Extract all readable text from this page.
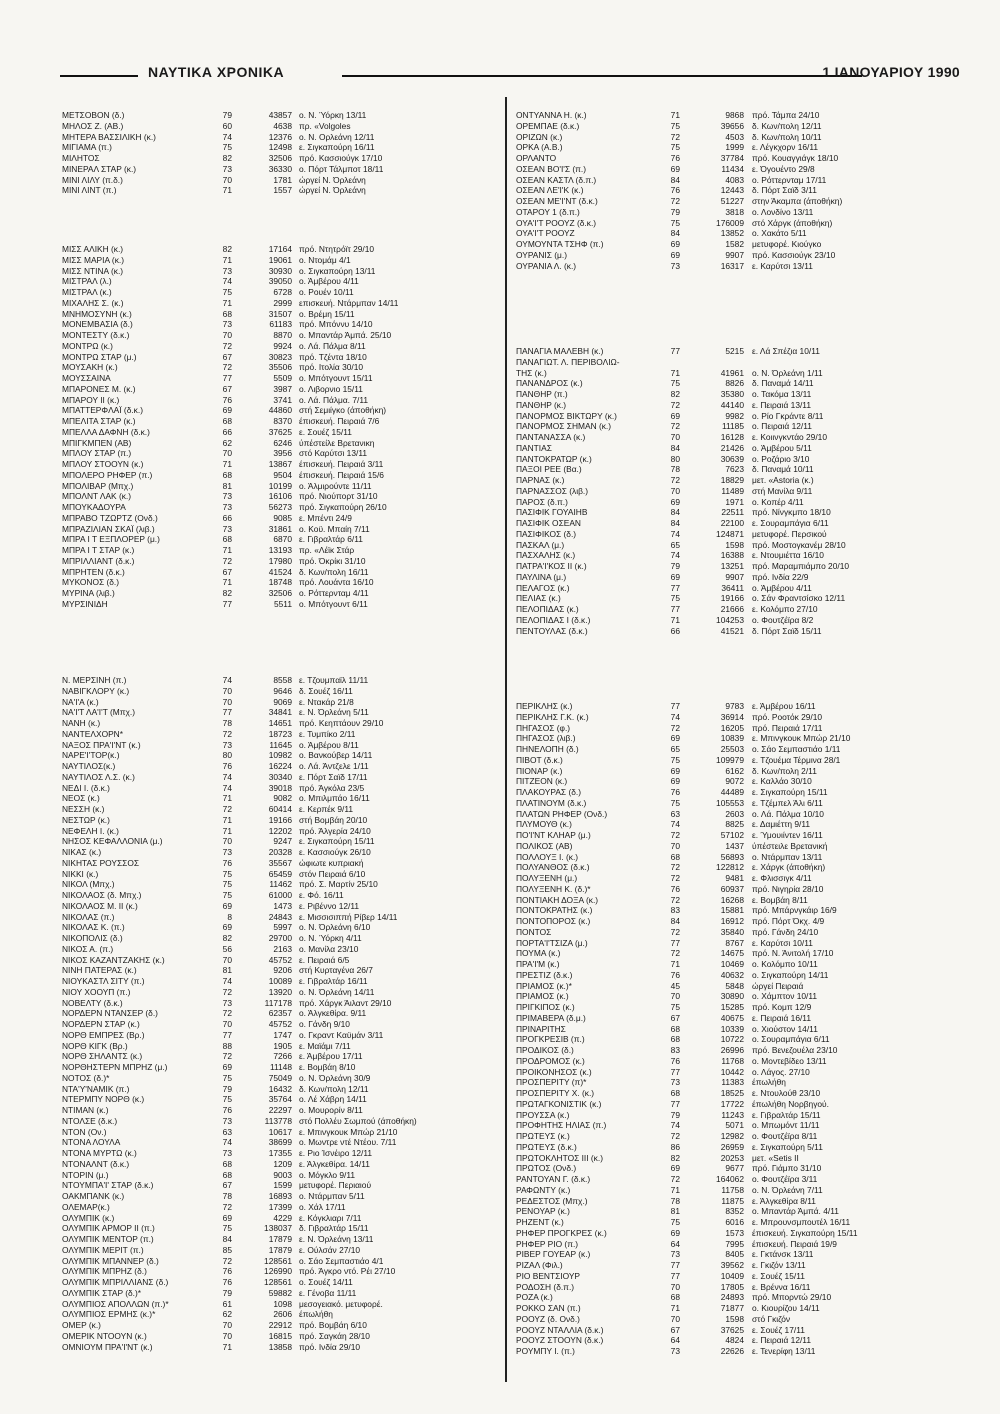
ΝΑΥΤΙΚΑ ΧΡΟΝΙΚΑ	1 ΙΑΝΟΥΑΡΙΟΥ 1990
ΜΕΤΣΟΒΟΝ (δ.)	79	43857 ο. Ν. Ύόρκη 13/11
ΜΗΛΟΣ Ζ. (ΑΒ.)	60	4638 πρ. «Volgoles
ΜΗΤΕΡΑ ΒΑΣΣΙΛΙΚΗ (κ.)	74	12376 ο. Ν. Ορλεάνη 12/11
ΜΙΓΙΑΜΑ (π.)	75	12498 ε. Σιγκαπούρη 16/11
ΜΙΛΗΤΟΣ	82	32506 πρό. Κασσιούγκ 17/10
ΜΙΝΕΡΑΛ ΣΤΑΡ (κ.)	73	36330 ο. Πόρτ Τάλμποτ 18/11
ΜΙΝΙ ΛΙΛΥ (π.δ.)	70	1781 ώργεί Ν. Όρλεάνη
ΜΙΝΙ ΛΙΝΤ (π.)	71	1557 ώργεί Ν. Όρλεάνη
ΜΙΣΣ ΑΛΙΚΗ (κ.)	82	17164 πρό. Ντητρόϊτ 29/10
ΜΙΣΣ ΜΑΡΙΑ (κ.)	71	19061 ο. Ντομάμ 4/1
ΜΙΣΣ ΝΤΙΝΑ (κ.)	73	30930 ο. Σιγκαπούρη 13/11
ΜΙΣΤΡΑΛ (λ.)	74	39050 ο. Άμβέρου 4/11
ΜΙΣΤΡΑΛ (κ.)	75	6728 ο. Ρουέν 10/11
ΜΙΧΑΛΗΣ Σ. (κ.)	71	2999 επισκευή. Ντάρμπαν 14/11
ΜΝΗΜΟΣΥΝΗ (κ.)	68	31507 ο. Βρέμη 15/11
ΜΟΝΕΜΒΑΣΙΑ (δ.)	73	61183 πρό. Μπόννυ 14/10
ΜΟΝΤΕΣΤΥ (δ.κ.)	70	8870 ο. Μπαντάρ Άμπά. 25/10
ΜΟΝΤΡΩ (κ.)	72	9924 ο. Λά. Πάλμα 8/11
ΜΟΝΤΡΩ ΣΤΑΡ (μ.)	67	30823 πρό. Τζέντα 18/10
ΜΟΥΣΑΚΗ (κ.)	72	35506 πρό. Ιτολία 30/10
ΜΟΥΣΣΑΙΝΑ	77	5509 ο. Μπότγουντ 15/11
ΜΠΑΡΟΝΕΣ Μ. (κ.)	67	3987 ο. Λιβορνιο 15/11
ΜΠΑΡΟΥ ΙΙ (κ.)	76	3741 ο. Λά. Πάλμα. 7/11
ΜΠΑΤΤΕΡΦΛΑΪ (δ.κ.)	69	44860 στή Σεμιίγκο (άποθήκη)
ΜΠΕΛΙΤΑ ΣΤΑΡ (κ.)	68	8370 έπισκευή. Πειραιά 7/6
ΜΠΕΛΛΑ ΔΑΦΝΗ (δ.κ.)	66	37625 ε. Σουέζ 15/11
ΜΠΙΓΚΜΠΕΝ (ΑΒ)	62	6246 ύπέστείλε Βρετανικη
ΜΠΛΟΥ ΣΤΑΡ (π.)	70	3956 στό Καρύτσι 13/11
ΜΠΛΟΥ ΣΤΟΟΥΝ (κ.)	71	13867 έπισκευή. Πειραιά 3/11
ΜΠΟΛΕΡΟ ΡΗΦΕΡ (π.)	68	9504 έπισκευή. Πειραιά 15/6
ΜΠΟΛΙΒΑΡ (Μπχ.)	81	10199 ο. Άλμιρούντε 11/11
ΜΠΟΛΝΤ ΛΑΚ (κ.)	73	16106 πρό. Νιούπορτ 31/10
ΜΠΟΥΚΑΔΟΥΡΑ	73	56273 πρό. Σιγκαπούρη 26/10
ΜΠΡΑΒΟ ΤΖΩΡΤΖ (Ονδ.)	66	9085 ε. Μπέντι 24/9
ΜΠΡΑΖΙΛΙΑΝ ΣΚΑΪ (λιβ.)	73	31861 ο. Κοϋ. Μπαίη 7/11
ΜΠΡΑ Ι Τ ΕΞΠΛΟΡΕΡ (μ.)	68	6870 ε. Γιβραλτάρ 6/11
ΜΠΡΑ Ι Τ ΣΤΑΡ (κ.)	71	13193 πρ. «Λέϊκ Στάρ
ΜΠΡΙΛΛΙΑΝΤ (δ.κ.)	72	17980 πρό. Όκρίκι 31/10
ΜΠΡΗΤΕΝ (δ.κ.)	67	41524 δ. Κων/πολη 16/11
ΜΥΚΟΝΟΣ (δ.)	71	18748 πρό. Λουάντα 16/10
ΜΥΡΙΝΑ (λιβ.)	82	32506 ο. Ρόττερνταμ 4/11
ΜΥΡΣΙΝΙΔΗ	77	5511 ο. Μπότγουντ 6/11
Ν. ΜΕΡΣΙΝΗ (π.)	74	8558 ε. Τζουμπαϊλ 11/11
ΝΑΒΙΓΚΛΟΡΥ (κ.)	70	9646 δ. Σουέζ 16/11
ΝΑ'Ι'Α (κ.)	70	9069 ε. Ντακάρ 21/8
ΝΑ'Ι'Τ ΛΑ'Ι'Τ (Μπχ.)	77	34841 ε. Ν. Όρλεάνη 5/11
ΝΑΝΗ (κ.)	78	14651 πρό. Κεηπτάουν 29/10
ΝΑΝΤΕΛΧΟΡΝ*	72	18723 ε. Τυμπίκο 2/11
ΝΑΞΟΣ ΠΡΑ'Ι'ΝΤ (κ.)	73	11645 ο. Άμβέρου 8/11
ΝΑΡΕ'Ι'ΤΟΡ(κ.)	80	10982 ο. Βανκούβερ 14/11
ΝΑΥΤΙΛΟΣ(κ.)	76	16224 ο. Λά. Άντζελε 1/11
ΝΑΥΤΙΛΟΣ Λ.Σ. (κ.)	74	30340 ε. Πόρτ Σαϊδ 17/11
ΝΕΔΙ Ι. (δ.κ.)	74	39018 πρό. Άγκόλα 23/5
ΝΕΟΣ (κ.)	71	9082 ο. Μπιλμπάο 16/11
ΝΕΣΣΗ (κ.)	72	60414 ε. Κερπέκ 9/11
ΝΕΣΤΩΡ (κ.)	71	19166 στή Βομβάη 20/10
ΝΕΦΕΛΗ Ι. (κ.)	71	12202 πρό. Άλγερία 24/10
ΝΗΣΟΣ ΚΕΦΑΛΛΟΝΙΑ (μ.)	70	9247 ε. Σιγκαπούρη 15/11
ΝΙΚΑΣ (κ.)	73	20328 ε. Κασσιούγκ 26/10
ΝΙΚΗΤΑΣ ΡΟΥΣΣΟΣ	76	35567 ώφιωτε κυπριακή
ΝΙΚΚΙ (κ.)	75	65459 στόν Πειραιά 6/10
ΝΙΚΟΛ (Μπχ.)	75	11462 πρό. Σ. Μαρτίν 25/10
ΝΙΚΟΛΑΟΣ (δ. Μπχ.)	75	61000 ε. Φό. 16/11
ΝΙΚΟΛΑΟΣ Μ. ΙΙ (κ.)	69	1473 ε. Ριβέννο 12/11
ΝΙΚΟΛΑΣ (π.)	8	24843 ε. Μισσισιππή Ρίβερ 14/11
ΝΙΚΟΛΑΣ Κ. (π.)	69	5997 ο. Ν. Όρλεάνη 6/10
ΝΙΚΟΠΟΛΙΣ (δ.)	82	29700 ο. Ν. Ύόρκη 4/11
ΝΙΚΟΣ Α. (π.)	56	2163 ο. Μανίλα 23/10
ΝΙΚΟΣ ΚΑΖΑΝΤΖΑΚΗΣ (κ.)	70	45752 ε. Πειραιά 6/5
ΝΙΝΗ ΠΑΤΕΡΑΣ (κ.)	81	9206 στή Κυρταγένα 26/7
ΝΙΟΥΚΑΣΤΛ ΣΙΤΥ (π.)	74	10089 ε. Γιβραλτάρ 16/11
ΝΙΟΥ ΧΟΟΥΠ (π.)	72	13920 ο. Ν. Όρλεάνη 14/11
ΝΟΒΕΛΤΥ (δ.κ.)	73	117178 πρό. Χάργκ Άιλαντ 29/10
ΝΟΡΔΕΡΝ ΝΤΑΝΣΕΡ (δ.)	72	62357 ο. Άλγκεθίρα. 9/11
ΝΟΡΔΕΡΝ ΣΤΑΡ (κ.)	70	45752 ο. Γάνδη 9/10
ΝΟΡΘ ΕΜΠΡΕΣ (Βρ.)	77	1747 ο. Γκραντ Καϋμάν 3/11
ΝΟΡΘ ΚΙΓΚ (Βρ.)	88	1905 ε. Μαϊάμι 7/11
ΝΟΡΘ ΣΗΛΑΝΤΣ (κ.)	72	7266 ε. Άμβέρου 17/11
ΝΟΡΘΗΣΤΕΡΝ ΜΠΡΗΖ (μ.)	69	11148 ε. Βομβάη 8/10
ΝΟΤΟΣ (δ.)*	75	75049 ο. Ν. Όρλεάνη 30/9
ΝΤΑ'Υ'ΝΑΜΙΚ (π.)	79	16432 δ. Κων/πολη 12/11
ΝΤΕΡΜΠΥ ΝΟΡΘ (κ.)	75	35764 ο. Λέ Χάβρη 14/11
ΝΤΙΜΑΝ (κ.)	76	22297 ο. Μουρορίν 8/11
ΝΤΟΛΣΕ (δ.κ.)	73	113778 στό Πολλέυ Σωμπού (άποθήκη)
ΝΤΟΝ (Ον.)	63	10617 ε. Μπινγκουκ Μπώρ 21/10
ΝΤΟΝΑ ΛΟΥΛΑ	74	38699 ο. Μωντρε ντέ Ντέου. 7/11
ΝΤΟΝΑ ΜΥΡΤΩ (κ.)	73	17355 ε. Ριο Ίσνέιρο 12/11
ΝΤΟΝΑΛΝΤ (δ.κ.)	68	1209 ε. Άλγκεθίρα. 14/11
ΝΤΟΡΙΝ (μ.)	68	9003 ο. Μόγκλο 9/11
ΝΤΟΥΜΠΑ'Ι' ΣΤΑΡ (δ.κ.)	67	1599 μετυφορέ. Περιαιού
ΟΑΚΜΠΑΝΚ (κ.)	78	16893 ο. Ντάρμπαν 5/11
ΟΛΕΜΑΡ(κ.)	72	17399 ο. Χάλ 17/11
ΟΛΥΜΠΙΚ (κ.)	69	4229 ε. Κόγκλιαρι 7/11
ΟΛΥΜΠΙΚ ΑΡΜΟΡ ΙΙ (π.)	75	138037 δ. Γιβραλτάρ 15/11
ΟΛΥΜΠΙΚ ΜΕΝΤΟΡ (π.)	84	17879 ε. Ν. Όρλεάνη 13/11
ΟΛΥΜΠΙΚ ΜΕΡΙΤ (π.)	85	17879 ε. Ούλσάν 27/10
ΟΛΥΜΠΙΚ ΜΠΑΝΝΕΡ (δ.)	72	128561 ο. Σάο Σεμπαστιάο 4/1
ΟΛΥΜΠΙΚ ΜΠΡΗΖ (δ.)	76	126990 πρό. Άγκρο ντό. Ρέι 27/10
ΟΛΥΜΠΙΚ ΜΠΡΙΛΛΙΑΝΣ (δ.)	76	128561 ο. Σουέζ 14/11
ΟΛΥΜΠΙΚ ΣΤΑΡ (δ.)*	79	59882 ε. Γένοβα 11/11
ΟΛΥΜΠΙΟΣ ΑΠΟΛΛΩΝ (π.)*	61	1098 μεσογειακό. μετυφορέ.
ΟΛΥΜΠΙΟΣ ΕΡΜΗΣ (κ.)*	62	2606 έπωλήθη
ΟΜΕΡ (κ.)	70	22912 πρό. Βομβάη 6/10
ΟΜΕΡΙΚ ΝΤΟΟΥΝ (κ.)	70	16815 πρό. Σαγκάη 28/10
ΟΜΝΙΟΥΜ ΠΡΑ'Ι'ΝΤ (κ.)	71	13858 πρό. Ινδία 29/10
ΟΝΤΥΑΝΝΑ Η. (κ.)	71	9868 πρό. Τάμπα 24/10
ΟΡΕΜΠΑΕ (δ.κ.)	75	39656 δ. Κων/πολη 12/11
ΟΡΙΖΩΝ (κ.)	72	4503 δ. Κων/πολη 10/11
ΟΡΚΑ (Α.Β.)	75	1999 ε. Λέγκχορν 16/11
ΟΡΛΑΝΤΟ	76	37784 πρό. Κουαγγιάγκ 18/10
ΟΣΕΑΝ ΒΟ'Ι'Σ (π.)	69	11434 ε. Όγουέντο 29/8
ΟΣΕΑΝ ΚΑΣΤΛ (δ.π.)	84	4083 ο. Ρόττερνταμ 17/11
ΟΣΕΑΝ ΛΕ'Ι'Κ (κ.)	76	12443 δ. Πόρτ Σαϊδ 3/11
ΟΣΕΑΝ ΜΕ'Ι'ΝΤ (δ.κ.)	72	51227 στην Άκαμπα (άποθήκη)
ΟΤΑΡΟΥ 1 (δ.π.)	79	3818 ο. Λονδίνο 13/11
ΟΥΑ'Ι'Τ ΡΟΟΥΖ (δ.κ.)	75	176009 στό Χάργκ (άποθήκη)
ΟΥΑ'Ι'Τ ΡΟΟΥΖ	84	13852 ο. Χακάτο 5/11
ΟΥΜΟΥΝΤΑ ΤΣΗΦ (π.)	69	1582 μετυφορέ. Κιούγκο
ΟΥΡΑΝΙΣ (μ.)	69	9907 πρό. Κασσιούγκ 23/10
ΟΥΡΑΝΙΑ Λ. (κ.)	73	16317 ε. Καρύτσι 13/11
ΠΑΝΑΓΙΑ ΜΑΛΕΒΗ (κ.)	77	5215 ε. Λά Σπέζια 10/11
ΠΑΝΑΓΙΩΤ. Λ. ΠΕΡΙΒΟΛΙΩ-
ΤΗΣ (κ.)	71	41961 ο. Ν. Όρλεάνη 1/11
ΠΑΝΑΝΔΡΟΣ (κ.)	75	8826 δ. Παναμά 14/11
ΠΑΝΘΗΡ (π.)	82	35380 ο. Τακόμα 13/11
ΠΑΝΘΗΡ (κ.)	72	44140 ε. Πειραιά 13/11
ΠΑΝΟΡΜΟΣ ΒΙΚΤΩΡΥ (κ.)	69	9982 ο. Ρίο Γκράντε 8/11
ΠΑΝΟΡΜΟΣ ΣΗΜΑΝ (κ.)	72	11185 ο. Πειραιά 12/11
ΠΑΝΤΑΝΑΣΣΑ (κ.)	70	16128 ε. Κοιινγκντάο 29/10
ΠΑΝΤΙΑΣ	84	21426 ο. Άμβέρου 5/11
ΠΑΝΤΟΚΡΑΤΩΡ (κ.)	80	30639 ο. Ροζάριο 3/10
ΠΑΞΟΙ ΡΕΕ (Βα.)	78	7623 δ. Παναμά 10/11
ΠΑΡΝΑΣ (κ.)	72	18829 μετ. «Astoria (κ.)
ΠΑΡΝΑΣΣΟΣ (λιβ.)	70	11489 στή Μανίλα 9/11
ΠΑΡΟΣ (δ.π.)	69	1971 ο. Κοπέρ 4/11
ΠΑΣΙΦΙΚ ΓΟΥΑΙΗΒ	84	22511 πρό. Νίνγκμπο 18/10
ΠΑΣΙΦΙΚ ΟΣΕΑΝ	84	22100 ε. Σουραμπάγια 6/11
ΠΑΣΙΦΙΚΟΣ (δ.)	74	124871 μετυφορέ. Περσικού
ΠΑΣΚΑΛ (μ.)	65	1598 πρό. Μοστογκανέμ 28/10
ΠΑΣΧΑΛΗΣ (κ.)	74	16388 ε. Ντουμιέττα 16/10
ΠΑΤΡΑ'Ι'ΚΟΣ ΙΙ (κ.)	79	13251 πρό. Μαραμπιάμπο 20/10
ΠΑΥΛΙΝΑ (μ.)	69	9907 πρό. Ινδία 22/9
ΠΕΛΑΓΟΣ (κ.)	77	36411 ο. Άμβέρου 4/11
ΠΕΛΙΑΣ (κ.)	75	19166 ο. Σάν Φραντσίσκο 12/11
ΠΕΛΟΠΙΔΑΣ (κ.)	77	21666 ε. Κολόμπο 27/10
ΠΕΛΟΠΙΔΑΣ Ι (δ.κ.)	71	104253 ο. Φουτζέϊρα 8/2
ΠΕΝΤΟΥΛΑΣ (δ.κ.)	66	41521 δ. Πόρτ Σαϊδ 15/11
ΠΕΡΙΚΛΗΣ (κ.)	77	9783 ε. Άμβέρου 16/11
ΠΕΡΙΚΛΗΣ Γ.Κ. (κ.)	74	36914 πρό. Ροοτόκ 29/10
ΠΗΓΑΣΟΣ (φ.)	72	16205 πρό. Πειραιά 17/11
ΠΗΓΑΣΟΣ (λιβ.)	69	10839 ε. Μπινγκουκ Μπώρ 21/10
ΠΗΝΕΛΟΠΗ (δ.)	65	25503 ο. Σάο Σεμπαστιάο 1/11
ΠΙΒΟΤ (δ.κ.)	75	109979 ε. Τζουέμα Τέρμινα 28/1
ΠΙΟΝΑΡ (κ.)	69	6162 δ. Κων/πολη 2/11
ΠΙΤΖΕΟΝ (κ.)	69	9072 ε. Καλλάο 30/10
ΠΛΑΚΟΥΡΑΣ (δ.)	76	44489 ε. Σιγκαπούρη 15/11
ΠΛΑΤΙΝΟΥΜ (δ.κ.)	75	105553 ε. Τζέμπελ Άλι 6/11
ΠΛΑΤΩΝ ΡΗΦΕΡ (Ονδ.)	63	2603 ο. Λά. Πάλμα 10/10
ΠΛΥΜΟΥΘ (κ.)	74	8825 ε. Δαμιέττη 9/11
ΠΟ'Ι'ΝΤ ΚΛΗΑΡ (μ.)	72	57102 ε. Ύμουιίντεν 16/11
ΠΟΛΙΚΟΣ (ΑΒ)	70	1437 ύπέστειλε Βρετανική
ΠΟΛΛΟΥΞ Ι. (κ.)	68	56893 ο. Ντάρμπαν 13/11
ΠΟΛΥΑΝΘΟΣ (δ.κ.)	72	122812 ε. Χάργκ (άποθήκη)
ΠΟΛΥΞΕΝΗ (μ.)	72	9481 ε. Φλισσιγκ 4/11
ΠΟΛΥΞΕΝΗ Κ. (δ.)*	76	60937 πρό. Νιγηρία 28/10
ΠΟΝΤΙΑΚΗ ΔΟΞΑ (κ.)	72	16268 ε. Βομβάη 8/11
ΠΟΝΤΟΚΡΑΤΗΣ (κ.)	83	15881 πρό. Μπάρνγκάιρ 16/9
ΠΟΝΤΟΠΟΡΟΣ (κ.)	84	16912 πρό. Πόρτ Όκχ. 4/9
ΠΟΝΤΟΣ	72	35840 πρό. Γάνδη 24/10
ΠΟΡΤΑ'Ι'ΤΣΙΖΑ (μ.)	77	8767 ε. Καρύτσι 10/11
ΠΟΥΜΑ (κ.)	72	14675 πρό. Ν. Άνιτολή 17/10
ΠΡΑ'Ι'Μ (κ.)	71	10469 ο. Κολόμπο 10/11
ΠΡΕΣΤΙΖ (δ.κ.)	76	40632 ο. Σιγκαπούρη 14/11
ΠΡΙΑΜΟΣ (κ.)*	45	5848 ώργεί Πειραιά
ΠΡΙΑΜΟΣ (κ.)	70	30890 ο. Χάμπτον 10/11
ΠΡΙΓΚΙΠΟΣ (κ.)	75	15285 πρό. Κομπ 12/9
ΠΡΙΜΑΒΕΡΑ (δ.μ.)	67	40675 ε. Πειραιά 16/11
ΠΡΙΝΑΡΙΤΗΣ	68	10339 ο. Χιούστον 14/11
ΠΡΟΓΚΡΕΣΙΒ (π.)	68	10722 ο. Σουραμπάγια 6/11
ΠΡΟΔΙΚΟΣ (δ.)	83	26996 πρό. Βενεζουέλα 23/10
ΠΡΟΔΡΟΜΟΣ (κ.)	76	11768 ο. Μοντεβίδεο 13/11
ΠΡΟΙΚΟΝΗΣΟΣ (κ.)	77	10442 ο. Λάγος. 27/10
ΠΡΟΣΠΕΡΙΤΥ (π)*	73	11383 έπωλήθη
ΠΡΟΣΠΕΡΙΤΥ Χ. (κ.)	68	18525 ε. Ντουλούθ 23/10
ΠΡΩΤΑΓΚΟΝΙΣΤΙΚ (κ.)	77	17722 έπωλήθη Νορβηγού.
ΠΡΟΥΣΣΑ (κ.)	79	11243 ε. Γιβραλτάρ 15/11
ΠΡΟΦΗΤΗΣ ΗΛΙΑΣ (π.)	74	5071 ο. Μπωμόντ 11/11
ΠΡΩΤΕΥΣ (κ.)	72	12982 ο. Φουτζέϊρα 8/11
ΠΡΩΤΕΥΣ (δ.κ.)	86	26959 ε. Σιγκαπούρη 5/11
ΠΡΩΤΟΚΛΗΤΟΣ ΙΙΙ (κ.)	82	20253 μετ. «Setis II
ΠΡΩΤΟΣ (Ονδ.)	69	9677 πρό. Γιάμπο 31/10
ΡΑΝΤΟΥΑΝ Γ. (δ.κ.)	72	164062 ο. Φουτζέϊρα 3/11
ΡΑΦΩΝΤΥ (κ.)	71	11758 ο. Ν. Όρλεάνη 7/11
ΡΕΔΕΣΤΟΣ (Μπχ.)	78	11875 ε. Άλγκεθίρα 8/11
ΡΕΝΟΥΑΡ (κ.)	81	8352 ο. Μπαντάρ Άμπά. 4/11
ΡΗΖΕΝΤ (κ.)	75	6016 ε. Μπρουνσμπουτέλ 16/11
ΡΗΦΕΡ ΠΡΟΓΚΡΕΣ (κ.)	69	1573 έπισκευή. Σιγκαπούρη 15/11
ΡΗΦΕΡ ΡΙΟ (π.)	64	7995 έπισκευή. Πειραιά 19/9
ΡΙΒΕΡ ΓΟΥΕΑΡ (κ.)	73	8405 ε. Γκτάνσκ 13/11
ΡΙΖΑΛ (Φιλ.)	77	39562 ε. Γκιζόν 13/11
ΡΙΟ ΒΕΝΤΣΙΟΥΡ	77	10409 ε. Σουέζ 15/11
ΡΟΔΟΣΗ (δ.π.)	70	17805 ε. Βρέννα 16/11
ΡΟΖΑ (κ.)	68	24893 πρό. Μπορντώ 29/10
ΡΟΚΚΟ ΣΑΝ (π.)	71	71877 ο. Κιουρίζου 14/11
ΡΟΟΥΖ (δ. Ονδ.)	70	1598 στό Γκιζόν
ΡΟΟΥΖ ΝΤΑΛΛΙΑ (δ.κ.)	67	37625 ε. Σουέζ 17/11
ΡΟΟΥΖ ΣΤΟΟΥΝ (δ.κ.)	64	4824 ε. Πειραιά 12/11
ΡΟΥΜΠΥ Ι. (π.)	73	22626 ε. Τενερίφη 13/11
